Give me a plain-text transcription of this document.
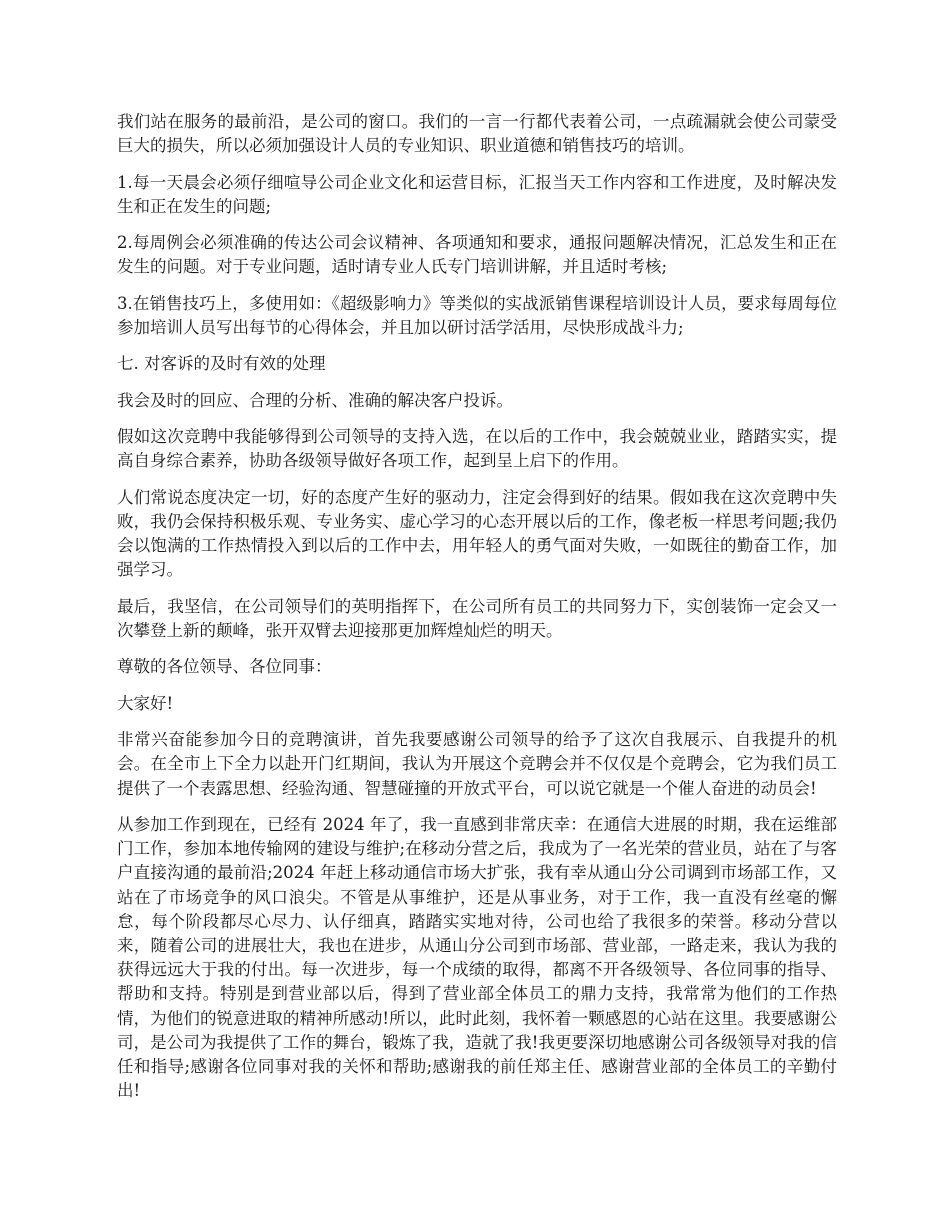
我们站在服务的最前沿，是公司的窗口。我们的一言一行都代表着公司，一点疏漏就会使公司蒙受巨大的损失，所以必须加强设计人员的专业知识、职业道德和销售技巧的培训。

1.每一天晨会必须仔细喧导公司企业文化和运营目标，汇报当天工作内容和工作进度，及时解决发生和正在发生的问题;

2.每周例会必须准确的传达公司会议精神、各项通知和要求，通报问题解决情况，汇总发生和正在发生的问题。对于专业问题，适时请专业人氏专门培训讲解，并且适时考核;

3.在销售技巧上，多使用如：《超级影响力》等类似的实战派销售课程培训设计人员，要求每周每位参加培训人员写出每节的心得体会，并且加以研讨活学活用，尽快形成战斗力;

七. 对客诉的及时有效的处理

我会及时的回应、合理的分析、准确的解决客户投诉。

假如这次竞聘中我能够得到公司领导的支持入选，在以后的工作中，我会兢兢业业，踏踏实实，提高自身综合素养，协助各级领导做好各项工作，起到呈上启下的作用。

人们常说态度决定一切，好的态度产生好的驱动力，注定会得到好的结果。假如我在这次竞聘中失败，我仍会保持积极乐观、专业务实、虚心学习的心态开展以后的工作，像老板一样思考问题;我仍会以饱满的工作热情投入到以后的工作中去，用年轻人的勇气面对失败，一如既往的勤奋工作，加强学习。

最后，我坚信，在公司领导们的英明指挥下，在公司所有员工的共同努力下，实创装饰一定会又一次攀登上新的颠峰，张开双臂去迎接那更加辉煌灿烂的明天。

尊敬的各位领导、各位同事：

大家好!

非常兴奋能参加今日的竞聘演讲，首先我要感谢公司领导的给予了这次自我展示、自我提升的机会。在全市上下全力以赴开门红期间，我认为开展这个竞聘会并不仅仅是个竞聘会，它为我们员工提供了一个表露思想、经验沟通、智慧碰撞的开放式平台，可以说它就是一个催人奋进的动员会!

从参加工作到现在，已经有 2024 年了，我一直感到非常庆幸：在通信大进展的时期，我在运维部门工作，参加本地传输网的建设与维护;在移动分营之后，我成为了一名光荣的营业员，站在了与客户直接沟通的最前沿;2024 年赶上移动通信市场大扩张，我有幸从通山分公司调到市场部工作，又站在了市场竞争的风口浪尖。不管是从事维护，还是从事业务，对于工作，我一直没有丝毫的懈怠，每个阶段都尽心尽力、认仔细真，踏踏实实地对待，公司也给了我很多的荣誉。移动分营以来，随着公司的进展壮大，我也在进步，从通山分公司到市场部、营业部，一路走来，我认为我的获得远远大于我的付出。每一次进步，每一个成绩的取得，都离不开各级领导、各位同事的指导、帮助和支持。特别是到营业部以后，得到了营业部全体员工的鼎力支持，我常常为他们的工作热情，为他们的锐意进取的精神所感动!所以，此时此刻，我怀着一颗感恩的心站在这里。我要感谢公司，是公司为我提供了工作的舞台，锻炼了我，造就了我!我更要深切地感谢公司各级领导对我的信任和指导;感谢各位同事对我的关怀和帮助;感谢我的前任郑主任、感谢营业部的全体员工的辛勤付出!
